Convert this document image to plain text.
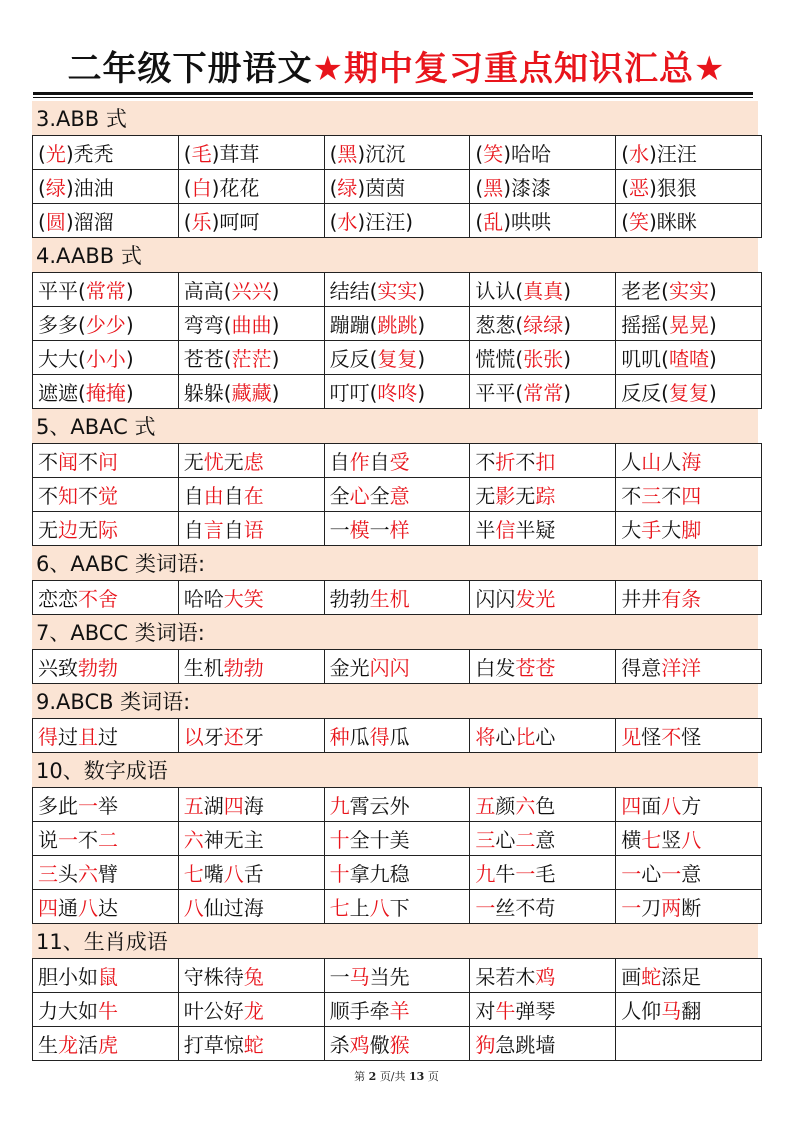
二年级下册语文★期中复习重点知识汇总★
3.ABB 式
(光)秃秃	(毛)茸茸	(黑)沉沉	(笑)哈哈	(水)汪汪
(绿)油油	(白)花花	(绿)茵茵	(黑)漆漆	(恶)狠狠
(圆)溜溜	(乐)呵呵	(水)汪汪)	(乱)哄哄	(笑)眯眯
4.AABB 式
平平(常常)	高高(兴兴)	结结(实实)	认认(真真)	老老(实实)
多多(少少)	弯弯(曲曲)	蹦蹦(跳跳)	葱葱(绿绿)	摇摇(晃晃)
大大(小小)	苍苍(茫茫)	反反(复复)	慌慌(张张)	叽叽(喳喳)
遮遮(掩掩)	躲躲(藏藏)	叮叮(咚咚)	平平(常常)	反反(复复)
5、ABAC 式
不闻不问	无忧无虑	自作自受	不折不扣	人山人海
不知不觉	自由自在	全心全意	无影无踪	不三不四
无边无际	自言自语	一模一样	半信半疑	大手大脚
6、AABC 类词语:
恋恋不舍	哈哈大笑	勃勃生机	闪闪发光	井井有条
7、ABCC 类词语:
兴致勃勃	生机勃勃	金光闪闪	白发苍苍	得意洋洋
9.ABCB 类词语:
得过且过	以牙还牙	种瓜得瓜	将心比心	见怪不怪
10、数字成语
多此一举	五湖四海	九霄云外	五颜六色	四面八方
说一不二	六神无主	十全十美	三心二意	横七竖八
三头六臂	七嘴八舌	十拿九稳	九牛一毛	一心一意
四通八达	八仙过海	七上八下	一丝不苟	一刀两断
11、生肖成语
胆小如鼠	守株待兔	一马当先	呆若木鸡	画蛇添足
力大如牛	叶公好龙	顺手牵羊	对牛弹琴	人仰马翻
生龙活虎	打草惊蛇	杀鸡儆猴	狗急跳墙	
第 2 页/共 13 页
